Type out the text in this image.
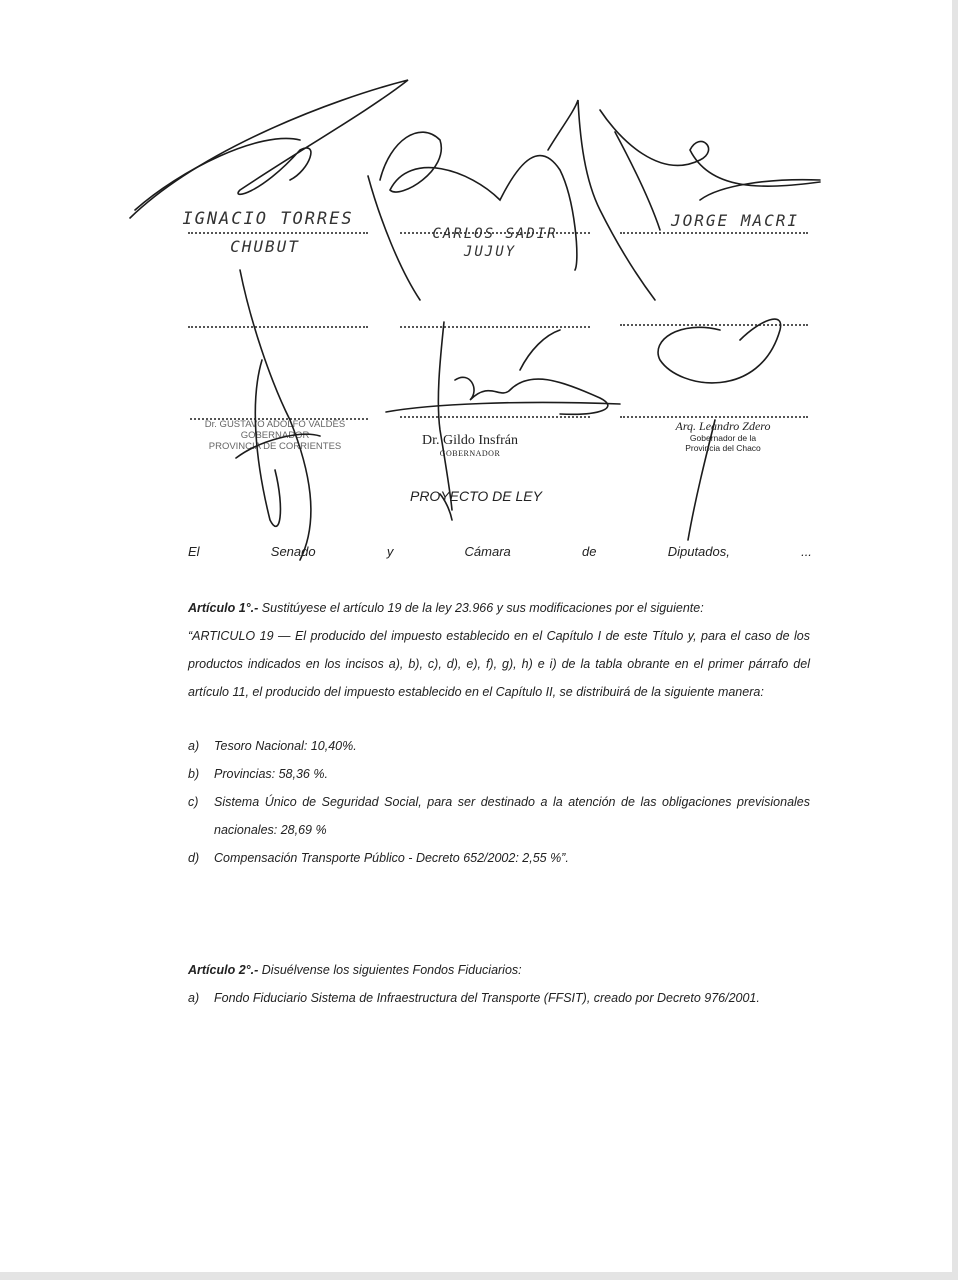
IGNACIO TORRES
CHUBUT
CARLOS SADIR
JUJUY
JORGE MACRI
Dr. GUSTAVO ADOLFO VALDÉS
GOBERNADOR
PROVINCIA DE CORRIENTES	Dr. Gildo Insfrán
GOBERNADOR
Arq. Leandro Zdero
Gobernador de la
Provincia del Chaco
PROYECTO DE LEY
El	Senado	y	Cámara	de	Diputados,	...
Artículo 1°.- Sustitúyese el artículo 19 de la ley 23.966 y sus modificaciones por el siguiente:
“ARTICULO 19 — El producido del impuesto establecido en el Capítulo I de este Título y, para el caso de los productos indicados en los incisos a), b), c), d), e), f), g), h) e i) de la tabla obrante en el primer párrafo del artículo 11, el producido del impuesto establecido en el Capítulo II, se distribuirá de la siguiente manera:
a)	Tesoro Nacional: 10,40%.
b)	Provincias: 58,36 %.
c)	Sistema Único de Seguridad Social, para ser destinado a la atención de las obligaciones previsionales nacionales: 28,69 %
d)	Compensación Transporte Público - Decreto 652/2002: 2,55 %”.
Artículo 2°.- Disuélvense los siguientes Fondos Fiduciarios:
a)	Fondo Fiduciario Sistema de Infraestructura del Transporte (FFSIT), creado por Decreto 976/2001.
